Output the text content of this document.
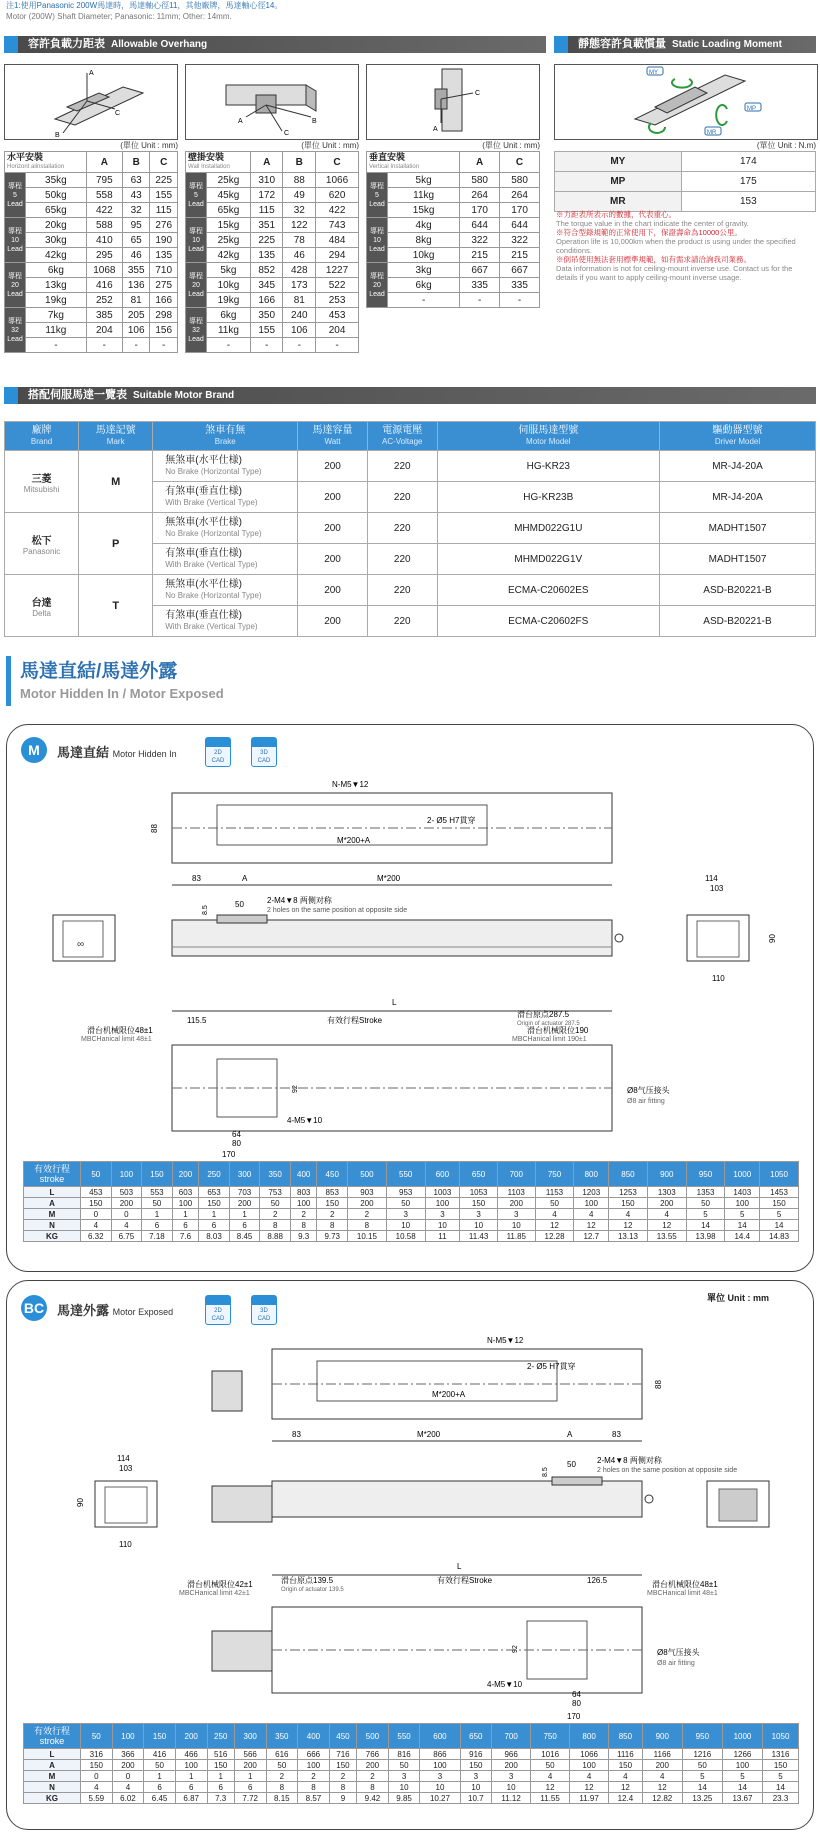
注1:使用Panasonic 200W馬達時，馬達軸心徑11，其他廠牌，馬達軸心徑14。
Motor (200W) Shaft Diameter; Panasonic: 11mm; Other: 14mm.
容許負載力距表 Allowable Overhang	靜態容許負載慣量 Static Loading Moment
A
C
B
A
C
B
A
C
MY
MP
MR
(單位 Unit : mm)	(單位 Unit : mm)	(單位 Unit : mm)	(單位 Unit : N.m)
水平安裝
Horizont alinstallation		A	B	C

導程
5
Lead	35kg	795	63	225
	50kg	558	43	155
	65kg	422	32	115

導程
10
Lead	20kg	588	95	276
	30kg	410	65	190
	42kg	295	46	135

導程
20
Lead	6kg	1068	355	710
	13kg	416	136	275
	19kg	252	81	166

導程
32
Lead	7kg	385	205	298
	11kg	204	106	156
	-	-	-	-
壁掛安裝
Wall Installation		A	B	C

導程
5
Lead	25kg	310	88	1066
	45kg	172	49	620
	65kg	115	32	422

導程
10
Lead	15kg	351	122	743
	25kg	225	78	484
	42kg	135	46	294

導程
20
Lead	5kg	852	428	1227
	10kg	345	173	522
	19kg	166	81	253

導程
32
Lead	6kg	350	240	453
	11kg	155	106	204
	-	-	-	-
垂直安裝
Vertical Installation		A	C

導程
5
Lead	5kg	580	580
	11kg	264	264
	15kg	170	170

導程
10
Lead	4kg	644	644
	8kg	322	322
	10kg	215	215

導程
20
Lead	3kg	667	667
	6kg	335	335
	-	-	-
MY	174
MP	175
MR	153
※力距表所表示的數據，代表重心。
The torque value in the chart indicate the center of gravity.
※符合型錄規範的正常使用下，保證壽命為10000公里。
Operation life is 10,000km when the product is using under the specified conditions.
※倒吊使用無法套用標準規範，如有需求請洽詢我司業務。
Data information is not for ceiling-mount inverse use. Contact us for the details if you want to apply ceiling-mount inverse usage.
搭配伺服馬達一覽表 Suitable Motor Brand
廠牌
Brand	馬達記號
Mark	煞車有無
Brake	馬達容量
Watt	電源電壓
AC-Voltage	伺服馬達型號
Motor Model	驅動器型號
Driver Model

三菱
Mitsubishi	M	無煞車(水平仕様)
No Brake (Horizontal Type)	200	220	HG-KR23	MR-J4-20A
		有煞車(垂直仕様)
With Brake (Vertical Type)	200	220	HG-KR23B	MR-J4-20A
松下
Panasonic	P	無煞車(水平仕様)
No Brake (Horizontal Type)	200	220	MHMD022G1U	MADHT1507
		有煞車(垂直仕様)
With Brake (Vertical Type)	200	220	MHMD022G1V	MADHT1507
台達
Delta	T	無煞車(水平仕様)
No Brake (Horizontal Type)	200	220	ECMA-C20602ES	ASD-B20221-B
		有煞車(垂直仕様)
With Brake (Vertical Type)	200	220	ECMA-C20602FS	ASD-B20221-B
馬達直結/馬達外露
Motor Hidden In / Motor Exposed
M	馬達直結 Motor Hidden In	2D
CAD
3D
CAD
N-M5▼12
2- Ø5 H7貫穿
M*200+A
88
83	A	M*200
2-M4▼8 两侧对称
2 holes on the same position at opposite side
50
8.5
∞
114
103
90
110
L
115.5	有效行程Stroke
滑台原点287.5
Origin of actuator 287.5
滑台机械限位190
MBCHanical limit 190±1
滑台机械限位48±1
MBCHanical limit 48±1
92	Ø8气压接头
Ø8 air fitting
4-M5▼10
64
80
170
有效行程
stroke	50	100	150	200	250	300	350	400	450	500	550	600	650	700	750	800	850	900	950	1000	1050
L	453	503	553	603	653	703	753	803	853	903	953	1003	1053	1103	1153	1203	1253	1303	1353	1403	1453
A	150	200	50	100	150	200	50	100	150	200	50	100	150	200	50	100	150	200	50	100	150
M	0	0	1	1	1	1	2	2	2	2	3	3	3	3	4	4	4	4	5	5	5
N	4	4	6	6	6	6	8	8	8	8	10	10	10	10	12	12	12	12	14	14	14
KG	6.32	6.75	7.18	7.6	8.03	8.45	8.88	9.3	9.73	10.15	10.58	11	11.43	11.85	12.28	12.7	13.13	13.55	13.98	14.4	14.83
BC 馬達外露 Motor Exposed	2D
CAD
3D
CAD
單位 Unit : mm
N-M5▼12
2- Ø5 H7貫穿
M*200+A
88
83	M*200	A	83
114
103
90
110
2-M4▼8 两侧对称
2 holes on the same position at opposite side
50
8.5
L
滑台原点139.5
Origin of actuator 139.5
有效行程Stroke	126.5
滑台机械限位42±1
MBCHanical limit 42±1
滑台机械限位48±1
MBCHanical limit 48±1
92	Ø8气压接头
Ø8 air fitting
4-M5▼10
64
80
170
有效行程
stroke	50	100	150	200	250	300	350	400	450	500	550	600	650	700	750	800	850	900	950	1000	1050
L	316	366	416	466	516	566	616	666	716	766	816	866	916	966	1016	1066	1116	1166	1216	1266	1316
A	150	200	50	100	150	200	50	100	150	200	50	100	150	200	50	100	150	200	50	100	150
M	0	0	1	1	1	1	2	2	2	2	3	3	3	3	4	4	4	4	5	5	5
N	4	4	6	6	6	6	8	8	8	8	10	10	10	10	12	12	12	12	14	14	14
KG	5.59	6.02	6.45	6.87	7.3	7.72	8.15	8.57	9	9.42	9.85	10.27	10.7	11.12	11.55	11.97	12.4	12.82	13.25	13.67	23.3
